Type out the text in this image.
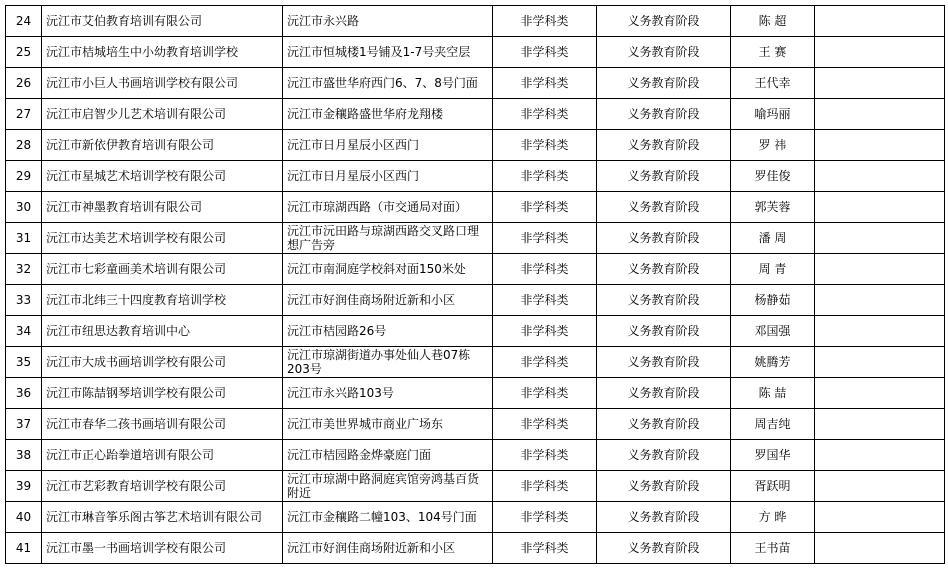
24	沅江市艾伯教育培训有限公司	沅江市永兴路	非学科类	义务教育阶段	陈 超	
25	沅江市桔城培生中小幼教育培训学校	沅江市恒城楼1号铺及1-7号夹空层	非学科类	义务教育阶段	王 赛	
26	沅江市小巨人书画培训学校有限公司	沅江市盛世华府西门6、7、8号门面	非学科类	义务教育阶段	王代幸	
27	沅江市启智少儿艺术培训有限公司	沅江市金穰路盛世华府龙翔楼	非学科类	义务教育阶段	喻玛丽	
28	沅江市新依伊教育培训有限公司	沅江市日月星辰小区西门	非学科类	义务教育阶段	罗 祎	
29	沅江市星城艺术培训学校有限公司	沅江市日月星辰小区西门	非学科类	义务教育阶段	罗佳俊	
30	沅江市神墨教育培训有限公司	沅江市琼湖西路（市交通局对面）	非学科类	义务教育阶段	郭芙蓉	
31	沅江市达美艺术培训学校有限公司	沅江市沅田路与琼湖西路交叉路口理想广告旁	非学科类	义务教育阶段	潘 周	
32	沅江市七彩童画美术培训有限公司	沅江市南洞庭学校斜对面150米处	非学科类	义务教育阶段	周 青	
33	沅江市北纬三十四度教育培训学校	沅江市好润佳商场附近新和小区	非学科类	义务教育阶段	杨静茹	
34	沅江市纽思达教育培训中心	沅江市桔园路26号	非学科类	义务教育阶段	邓国强	
35	沅江市大成书画培训学校有限公司	沅江市琼湖街道办事处仙人巷07栋203号	非学科类	义务教育阶段	姚腾芳	
36	沅江市陈喆钢琴培训学校有限公司	沅江市永兴路103号	非学科类	义务教育阶段	陈 喆	
37	沅江市春华二孩书画培训有限公司	沅江市美世界城市商业广场东	非学科类	义务教育阶段	周吉纯	
38	沅江市正心跆拳道培训有限公司	沅江市桔园路金烨豪庭门面	非学科类	义务教育阶段	罗国华	
39	沅江市艺彩教育培训学校有限公司	沅江市琼湖中路洞庭宾馆旁鸿基百货附近	非学科类	义务教育阶段	胥跃明	
40	沅江市琳音筝乐阁古筝艺术培训有限公司	沅江市金穰路二幢103、104号门面	非学科类	义务教育阶段	方 晔	
41	沅江市墨一书画培训学校有限公司	沅江市好润佳商场附近新和小区	非学科类	义务教育阶段	王书苗	
